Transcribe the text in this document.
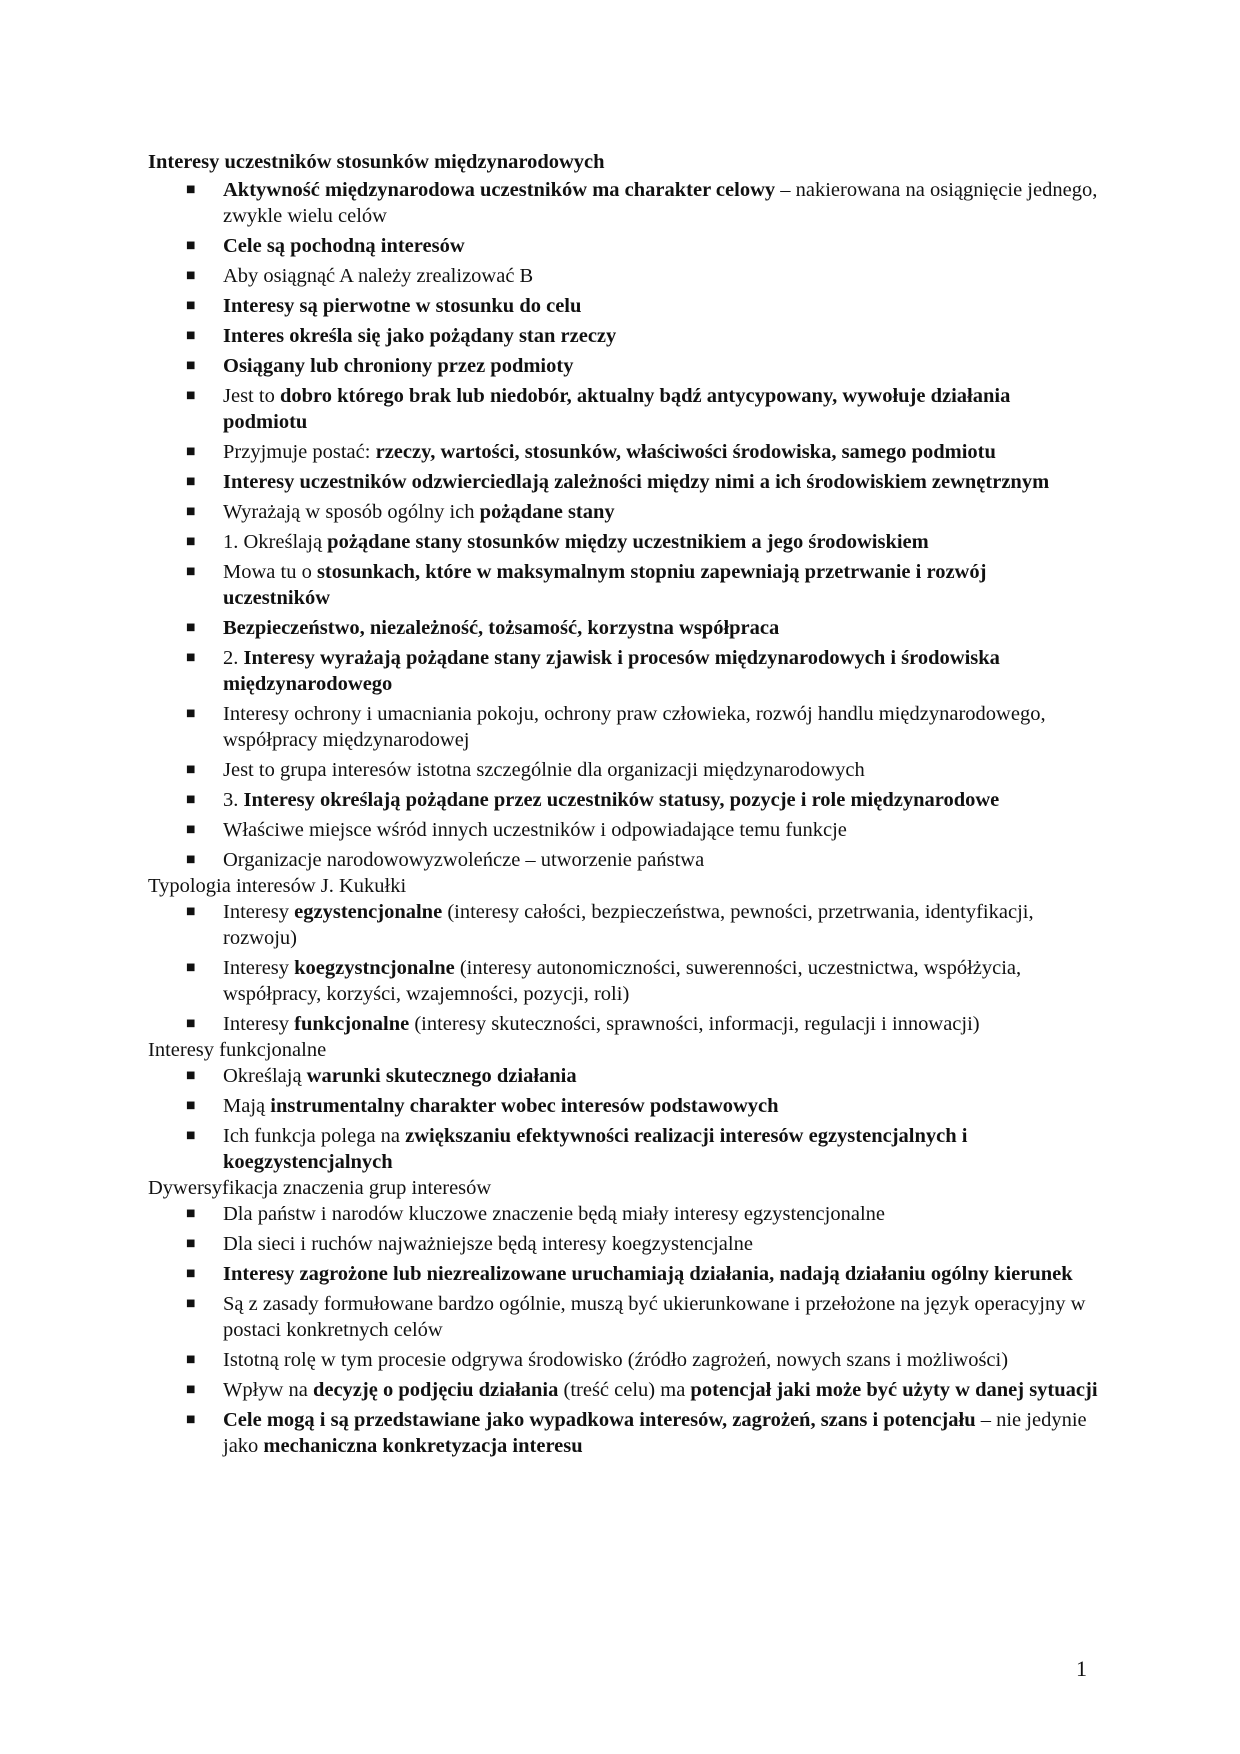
Interesy uczestników stosunków międzynarodowych

■ Aktywność międzynarodowa uczestników ma charakter celowy – nakierowana na osiągnięcie jednego, zwykle wielu celów
■ Cele są pochodną interesów
■ Aby osiągnąć A należy zrealizować B
■ Interesy są pierwotne w stosunku do celu
■ Interes określa się jako pożądany stan rzeczy
■ Osiągany lub chroniony przez podmioty
■ Jest to dobro którego brak lub niedobór, aktualny bądź antycypowany, wywołuje działania podmiotu
■ Przyjmuje postać: rzeczy, wartości, stosunków, właściwości środowiska, samego podmiotu
■ Interesy uczestników odzwierciedlają zależności między nimi a ich środowiskiem zewnętrznym
■ Wyrażają w sposób ogólny ich pożądane stany
■ 1. Określają pożądane stany stosunków między uczestnikiem a jego środowiskiem
■ Mowa tu o stosunkach, które w maksymalnym stopniu zapewniają przetrwanie i rozwój uczestników
■ Bezpieczeństwo, niezależność, tożsamość, korzystna współpraca
■ 2. Interesy wyrażają pożądane stany zjawisk i procesów międzynarodowych i środowiska międzynarodowego
■ Interesy ochrony i umacniania pokoju, ochrony praw człowieka, rozwój handlu międzynarodowego, współpracy międzynarodowej
■ Jest to grupa interesów istotna szczególnie dla organizacji międzynarodowych
■ 3. Interesy określają pożądane przez uczestników statusy, pozycje i role międzynarodowe
■ Właściwe miejsce wśród innych uczestników i odpowiadające temu funkcje
■ Organizacje narodowowyzwoleńcze – utworzenie państwa

Typologia interesów J. Kukułki

■ Interesy egzystencjonalne (interesy całości, bezpieczeństwa, pewności, przetrwania, identyfikacji, rozwoju)
■ Interesy koegzystncjonalne (interesy autonomiczności, suwerenności, uczestnictwa, współżycia, współpracy, korzyści, wzajemności, pozycji, roli)
■ Interesy funkcjonalne (interesy skuteczności, sprawności, informacji, regulacji i innowacji)

Interesy funkcjonalne

■ Określają warunki skutecznego działania
■ Mają instrumentalny charakter wobec interesów podstawowych
■ Ich funkcja polega na zwiększaniu efektywności realizacji interesów egzystencjalnych i koegzystencjalnych

Dywersyfikacja znaczenia grup interesów

■ Dla państw i narodów kluczowe znaczenie będą miały interesy egzystencjonalne
■ Dla sieci i ruchów najważniejsze będą interesy koegzystencjalne
■ Interesy zagrożone lub niezrealizowane uruchamiają działania, nadają działaniu ogólny kierunek
■ Są z zasady formułowane bardzo ogólnie, muszą być ukierunkowane i przełożone na język operacyjny w postaci konkretnych celów
■ Istotną rolę w tym procesie odgrywa środowisko (źródło zagrożeń, nowych szans i możliwości)
■ Wpływ na decyzję o podjęciu działania (treść celu) ma potencjał jaki może być użyty w danej sytuacji
■ Cele mogą i są przedstawiane jako wypadkowa interesów, zagrożeń, szans i potencjału – nie jedynie jako mechaniczna konkretyzacja interesu
1
